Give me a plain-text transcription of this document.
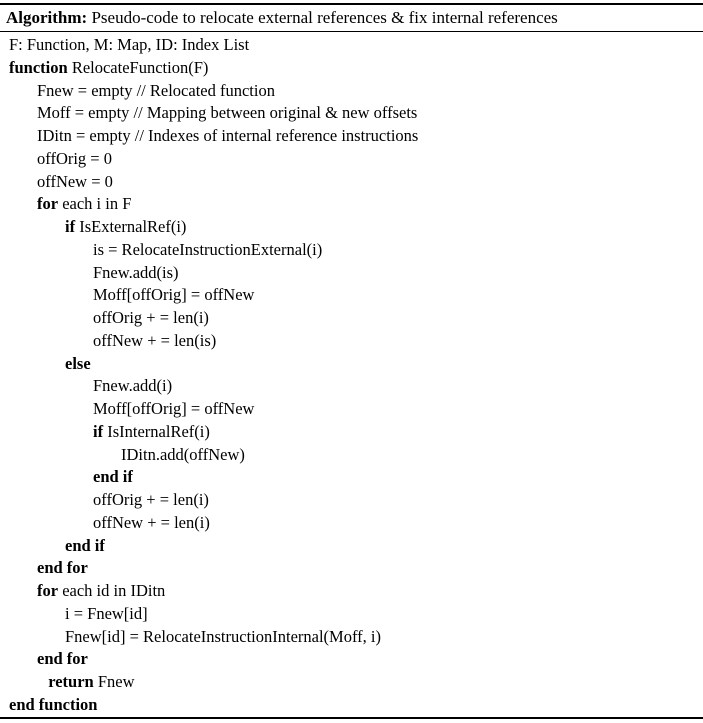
Algorithm: Pseudo-code to relocate external references & fix internal references
F: Function, M: Map, ID: Index List
function RelocateFunction(F)
Fnew = empty // Relocated function
Moff = empty // Mapping between original & new offsets
IDitn = empty // Indexes of internal reference instructions
offOrig = 0
offNew = 0
for each i in F
if IsExternalRef(i)
is = RelocateInstructionExternal(i)
Fnew.add(is)
Moff[offOrig] = offNew
offOrig + = len(i)
offNew + = len(is)
else
Fnew.add(i)
Moff[offOrig] = offNew
if IsInternalRef(i)
IDitn.add(offNew)
end if
offOrig + = len(i)
offNew + = len(i)
end if
end for
for each id in IDitn
i = Fnew[id]
Fnew[id] = RelocateInstructionInternal(Moff, i)
end for
return Fnew
end function
